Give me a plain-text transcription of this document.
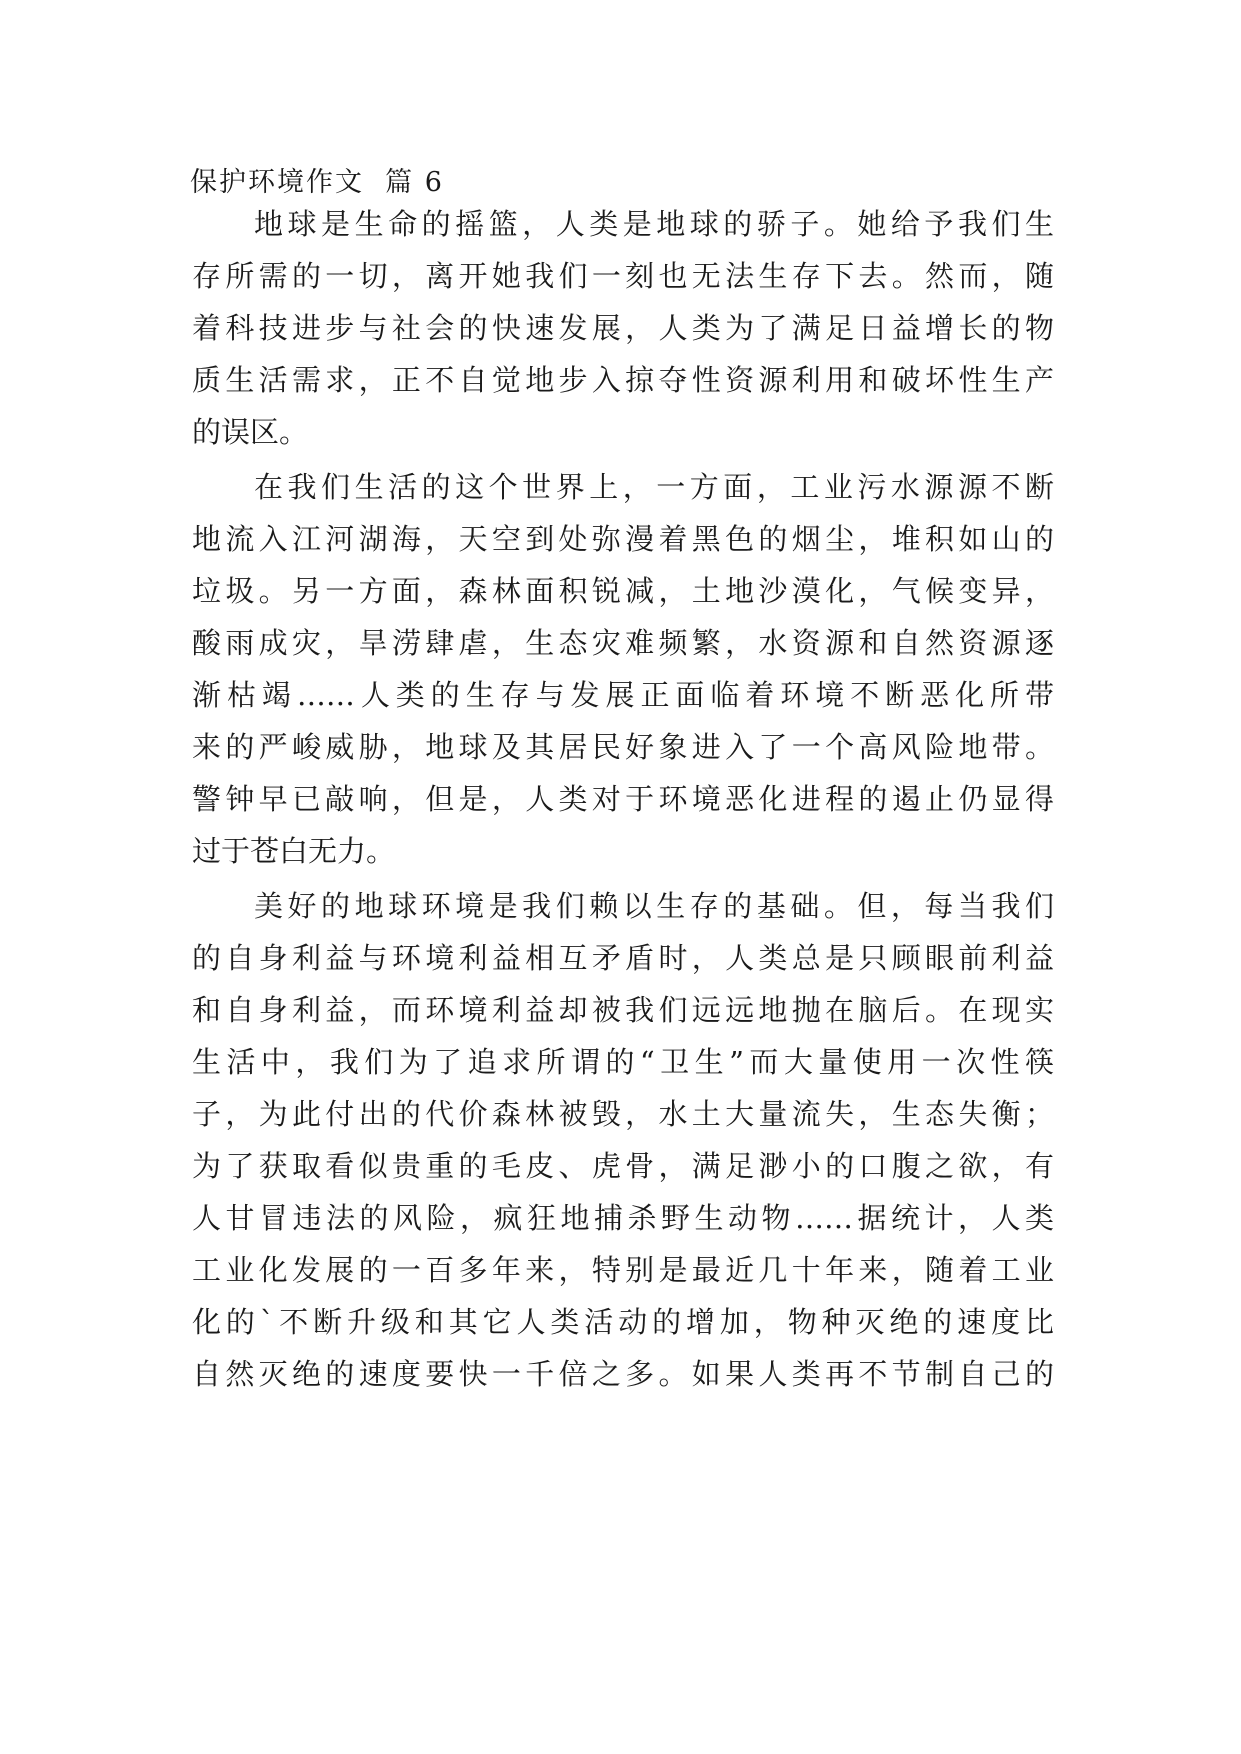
保护环境作文  篇 6
地球是生命的摇篮，人类是地球的骄子。她给予我们生
存所需的一切，离开她我们一刻也无法生存下去。然而，随
着科技进步与社会的快速发展，人类为了满足日益增长的物
质生活需求，正不自觉地步入掠夺性资源利用和破坏性生产
的误区。
在我们生活的这个世界上，一方面，工业污水源源不断
地流入江河湖海，天空到处弥漫着黑色的烟尘，堆积如山的
垃圾。另一方面，森林面积锐减，土地沙漠化，气候变异，
酸雨成灾，旱涝肆虐，生态灾难频繁，水资源和自然资源逐
渐枯竭……人类的生存与发展正面临着环境不断恶化所带
来的严峻威胁，地球及其居民好象进入了一个高风险地带。
警钟早已敲响，但是，人类对于环境恶化进程的遏止仍显得
过于苍白无力。
美好的地球环境是我们赖以生存的基础。但，每当我们
的自身利益与环境利益相互矛盾时，人类总是只顾眼前利益
和自身利益，而环境利益却被我们远远地抛在脑后。在现实
生活中，我们为了追求所谓的“卫生”而大量使用一次性筷
子，为此付出的代价森林被毁，水土大量流失，生态失衡；
为了获取看似贵重的毛皮、虎骨，满足渺小的口腹之欲，有
人甘冒违法的风险，疯狂地捕杀野生动物……据统计，人类
工业化发展的一百多年来，特别是最近几十年来，随着工业
化的`不断升级和其它人类活动的增加，物种灭绝的速度比
自然灭绝的速度要快一千倍之多。如果人类再不节制自己的
